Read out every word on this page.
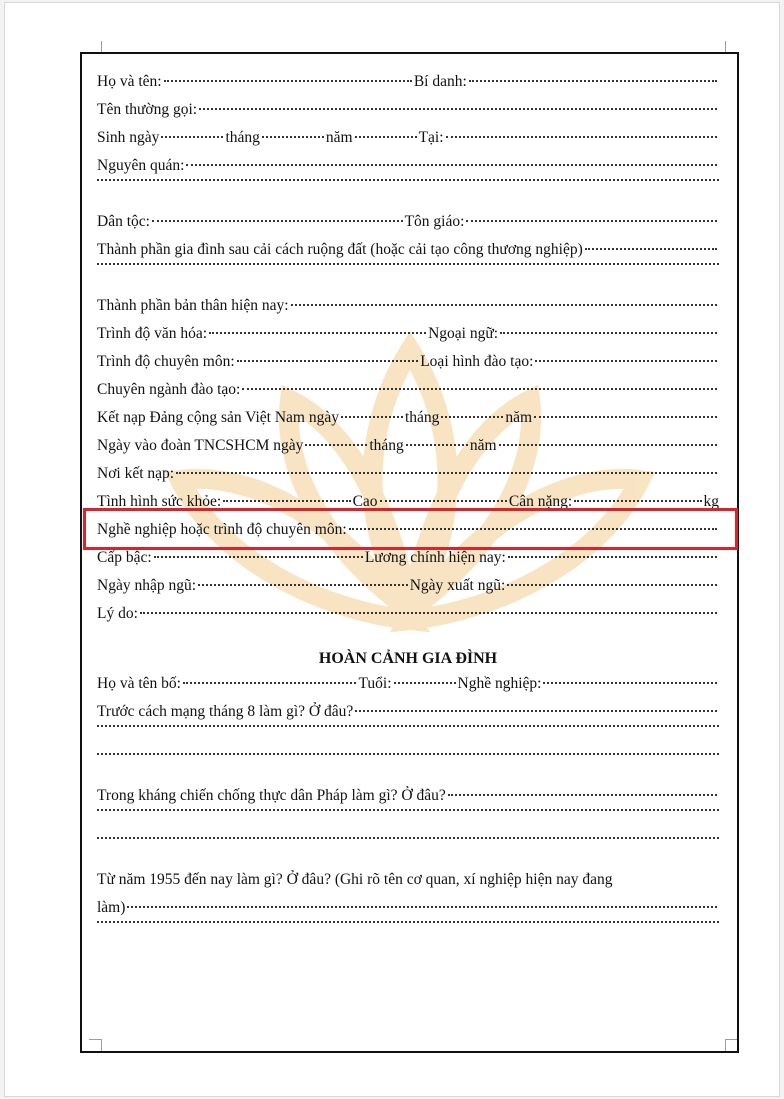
Họ và tên:	Bí danh:
Tên thường gọi:
Sinh ngày	tháng	năm	Tại:
Nguyên quán:
Dân tộc:	Tôn giáo:
Thành phần gia đình sau cải cách ruộng đất (hoặc cải tạo công thương nghiệp)
Thành phần bản thân hiện nay:
Trình độ văn hóa:	Ngoại ngữ:
Trình độ chuyên môn:	Loại hình đào tạo:
Chuyên ngành đào tạo:
Kết nạp Đảng cộng sản Việt Nam ngày	tháng	năm
Ngày vào đoàn TNCSHCM ngày	tháng	năm
Nơi kết nạp:
Tình hình sức khỏe:	Cao	Cân nặng:	kg
Nghề nghiệp hoặc trình độ chuyên môn:
Cấp bậc:	Lương chính hiện nay:
Ngày nhập ngũ:	Ngày xuất ngũ:
Lý do:
HOÀN CẢNH GIA ĐÌNH
Họ và tên bố:	Tuổi:	Nghề nghiệp:
Trước cách mạng tháng 8 làm gì? Ở đâu?
Trong kháng chiến chống thực dân Pháp làm gì? Ở đâu?
Từ năm 1955 đến nay làm gì? Ở đâu? (Ghi rõ tên cơ quan, xí nghiệp hiện nay đang
làm)
